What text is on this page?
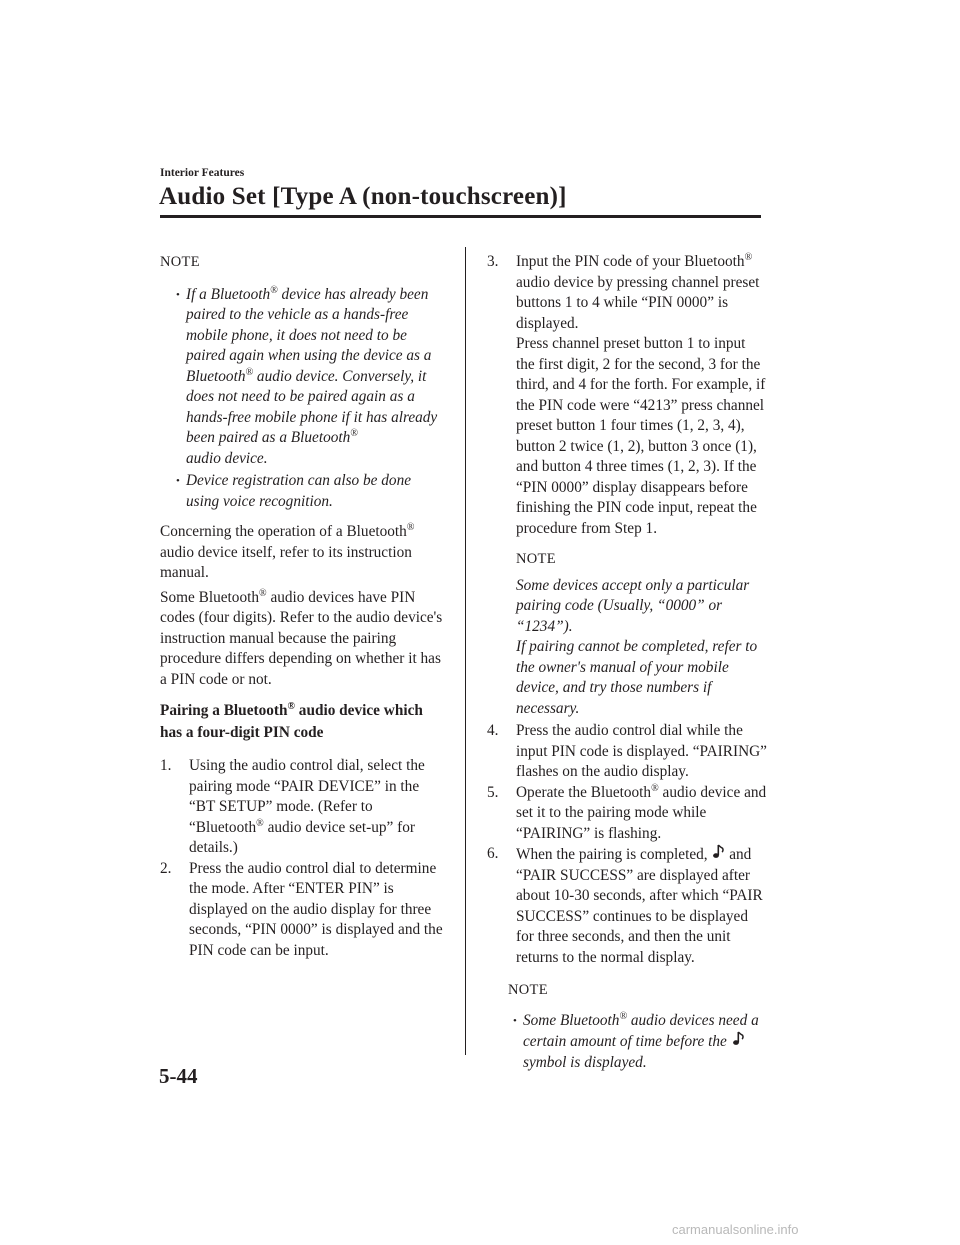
Interior Features
Audio Set [Type A (non-touchscreen)]
NOTE
• If a Bluetooth® device has already been paired to the vehicle as a hands-free mobile phone, it does not need to be paired again when using the device as a Bluetooth® audio device. Conversely, it does not need to be paired again as a hands-free mobile phone if it has already been paired as a Bluetooth®
audio device.
• Device registration can also be done using voice recognition.

Concerning the operation of a Bluetooth® audio device itself, refer to its instruction manual.

Some Bluetooth® audio devices have PIN codes (four digits). Refer to the audio device's instruction manual because the pairing procedure differs depending on whether it has a PIN code or not.

Pairing a Bluetooth® audio device which has a four-digit PIN code
1. Using the audio control dial, select the pairing mode “PAIR DEVICE” in the “BT SETUP” mode. (Refer to “Bluetooth® audio device set-up” for details.)
2. Press the audio control dial to determine the mode. After “ENTER PIN” is displayed on the audio display for three seconds, “PIN 0000” is displayed and the PIN code can be input.
3. Input the PIN code of your Bluetooth® audio device by pressing channel preset buttons 1 to 4 while “PIN 0000” is displayed.
Press channel preset button 1 to input the first digit, 2 for the second, 3 for the third, and 4 for the forth. For example, if the PIN code were “4213” press channel preset button 1 four times (1, 2, 3, 4), button 2 twice (1, 2), button 3 once (1), and button 4 three times (1, 2, 3). If the “PIN 0000” display disappears before finishing the PIN code input, repeat the procedure from Step 1.
NOTE
Some devices accept only a particular pairing code (Usually, “0000” or “1234”).
If pairing cannot be completed, refer to the owner's manual of your mobile device, and try those numbers if necessary.
4. Press the audio control dial while the input PIN code is displayed. “PAIRING” flashes on the audio display.
5. Operate the Bluetooth® audio device and set it to the pairing mode while “PAIRING” is flashing.
6. When the pairing is completed, and “PAIR SUCCESS” are displayed after about 10-30 seconds, after which “PAIR SUCCESS” continues to be displayed for three seconds, and then the unit returns to the normal display.
NOTE
• Some Bluetooth® audio devices need a certain amount of time before the
symbol is displayed.
5-44
carmanualsonline.info
